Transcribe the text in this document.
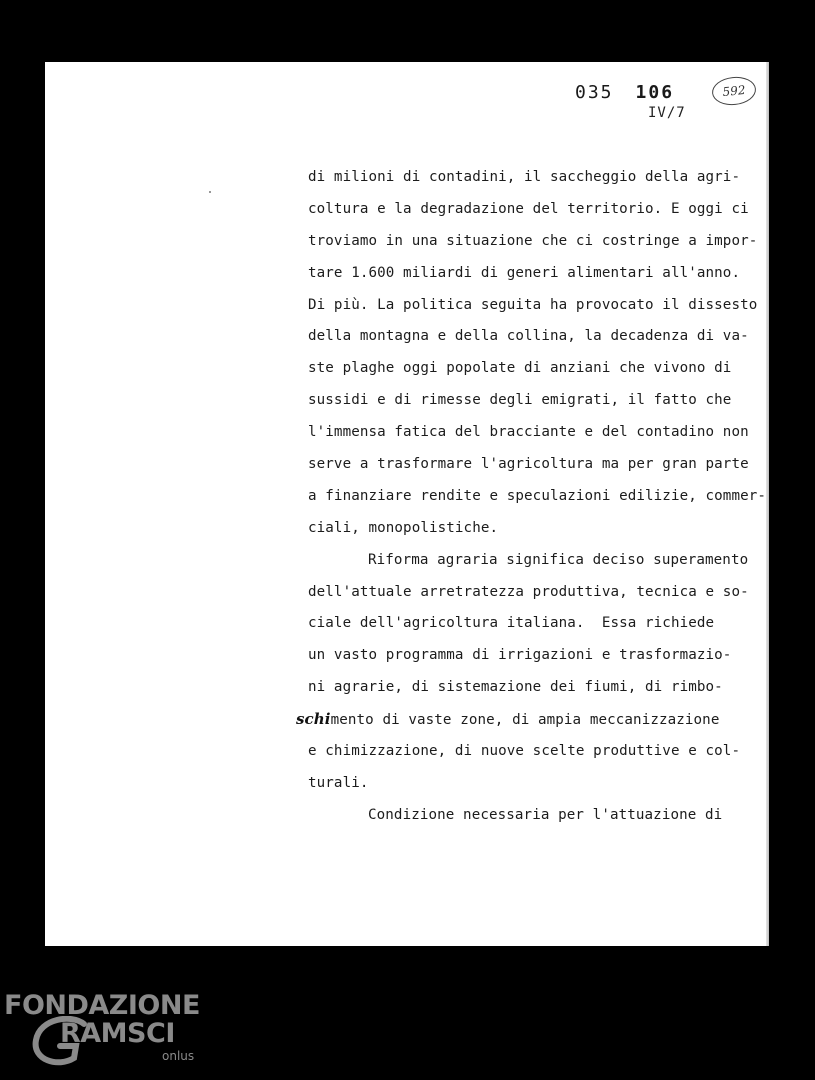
035 106	592
IV/7
di milioni di contadini, il saccheggio della agri-
coltura e la degradazione del territorio. E oggi ci
troviamo in una situazione che ci costringe a impor-
tare 1.600 miliardi di generi alimentari all'anno.
Di più. La politica seguita ha provocato il dissesto
della montagna e della collina, la decadenza di va-
ste plaghe oggi popolate di anziani che vivono di
sussidi e di rimesse degli emigrati, il fatto che
l'immensa fatica del bracciante e del contadino non
serve a trasformare l'agricoltura ma per gran parte
a finanziare rendite e speculazioni edilizie, commer-
ciali, monopolistiche.
Riforma agraria significa deciso superamento
dell'attuale arretratezza produttiva, tecnica e so-
ciale dell'agricoltura italiana.  Essa richiede
un vasto programma di irrigazioni e trasformazio-
ni agrarie, di sistemazione dei fiumi, di rimbo-
schimento di vaste zone, di ampia meccanizzazione
e chimizzazione, di nuove scelte produttive e col-
turali.
Condizione necessaria per l'attuazione di
FONDAZIONE
RAMSCI
onlus
